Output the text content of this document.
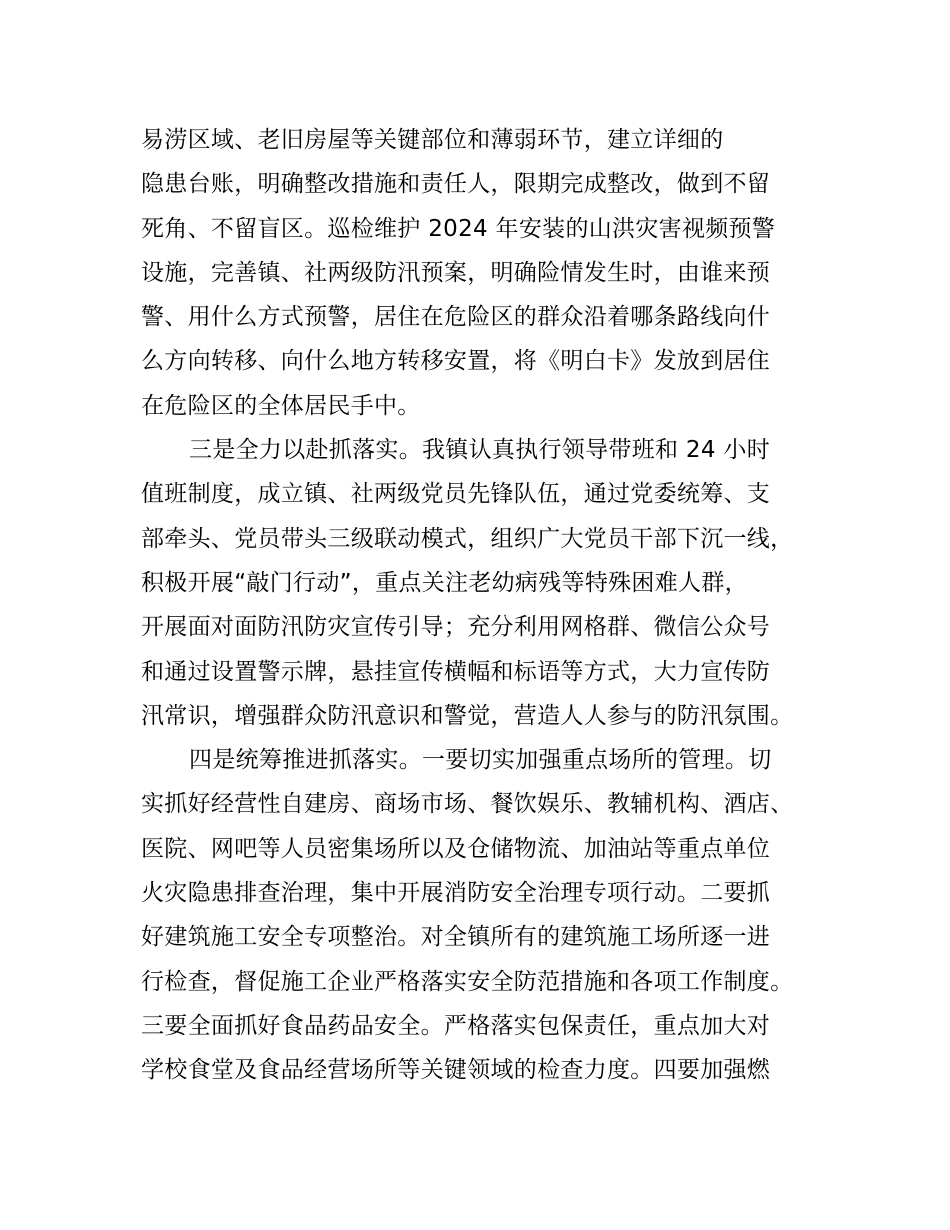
易涝区域、老旧房屋等关键部位和薄弱环节，建立详细的
隐患台账，明确整改措施和责任人，限期完成整改，做到不留
死角、不留盲区。巡检维护 2024 年安装的山洪灾害视频预警
设施，完善镇、社两级防汛预案，明确险情发生时，由谁来预
警、用什么方式预警，居住在危险区的群众沿着哪条路线向什
么方向转移、向什么地方转移安置，将《明白卡》发放到居住
在危险区的全体居民手中。
三是全力以赴抓落实。我镇认真执行领导带班和 24 小时
值班制度，成立镇、社两级党员先锋队伍，通过党委统筹、支
部牵头、党员带头三级联动模式，组织广大党员干部下沉一线，
积极开展“敲门行动”，重点关注老幼病残等特殊困难人群，
开展面对面防汛防灾宣传引导；充分利用网格群、微信公众号
和通过设置警示牌，悬挂宣传横幅和标语等方式，大力宣传防
汛常识，增强群众防汛意识和警觉，营造人人参与的防汛氛围。
四是统筹推进抓落实。一要切实加强重点场所的管理。切
实抓好经营性自建房、商场市场、餐饮娱乐、教辅机构、酒店、
医院、网吧等人员密集场所以及仓储物流、加油站等重点单位
火灾隐患排查治理，集中开展消防安全治理专项行动。二要抓
好建筑施工安全专项整治。对全镇所有的建筑施工场所逐一进
行检查，督促施工企业严格落实安全防范措施和各项工作制度。
三要全面抓好食品药品安全。严格落实包保责任，重点加大对
学校食堂及食品经营场所等关键领域的检查力度。四要加强燃
